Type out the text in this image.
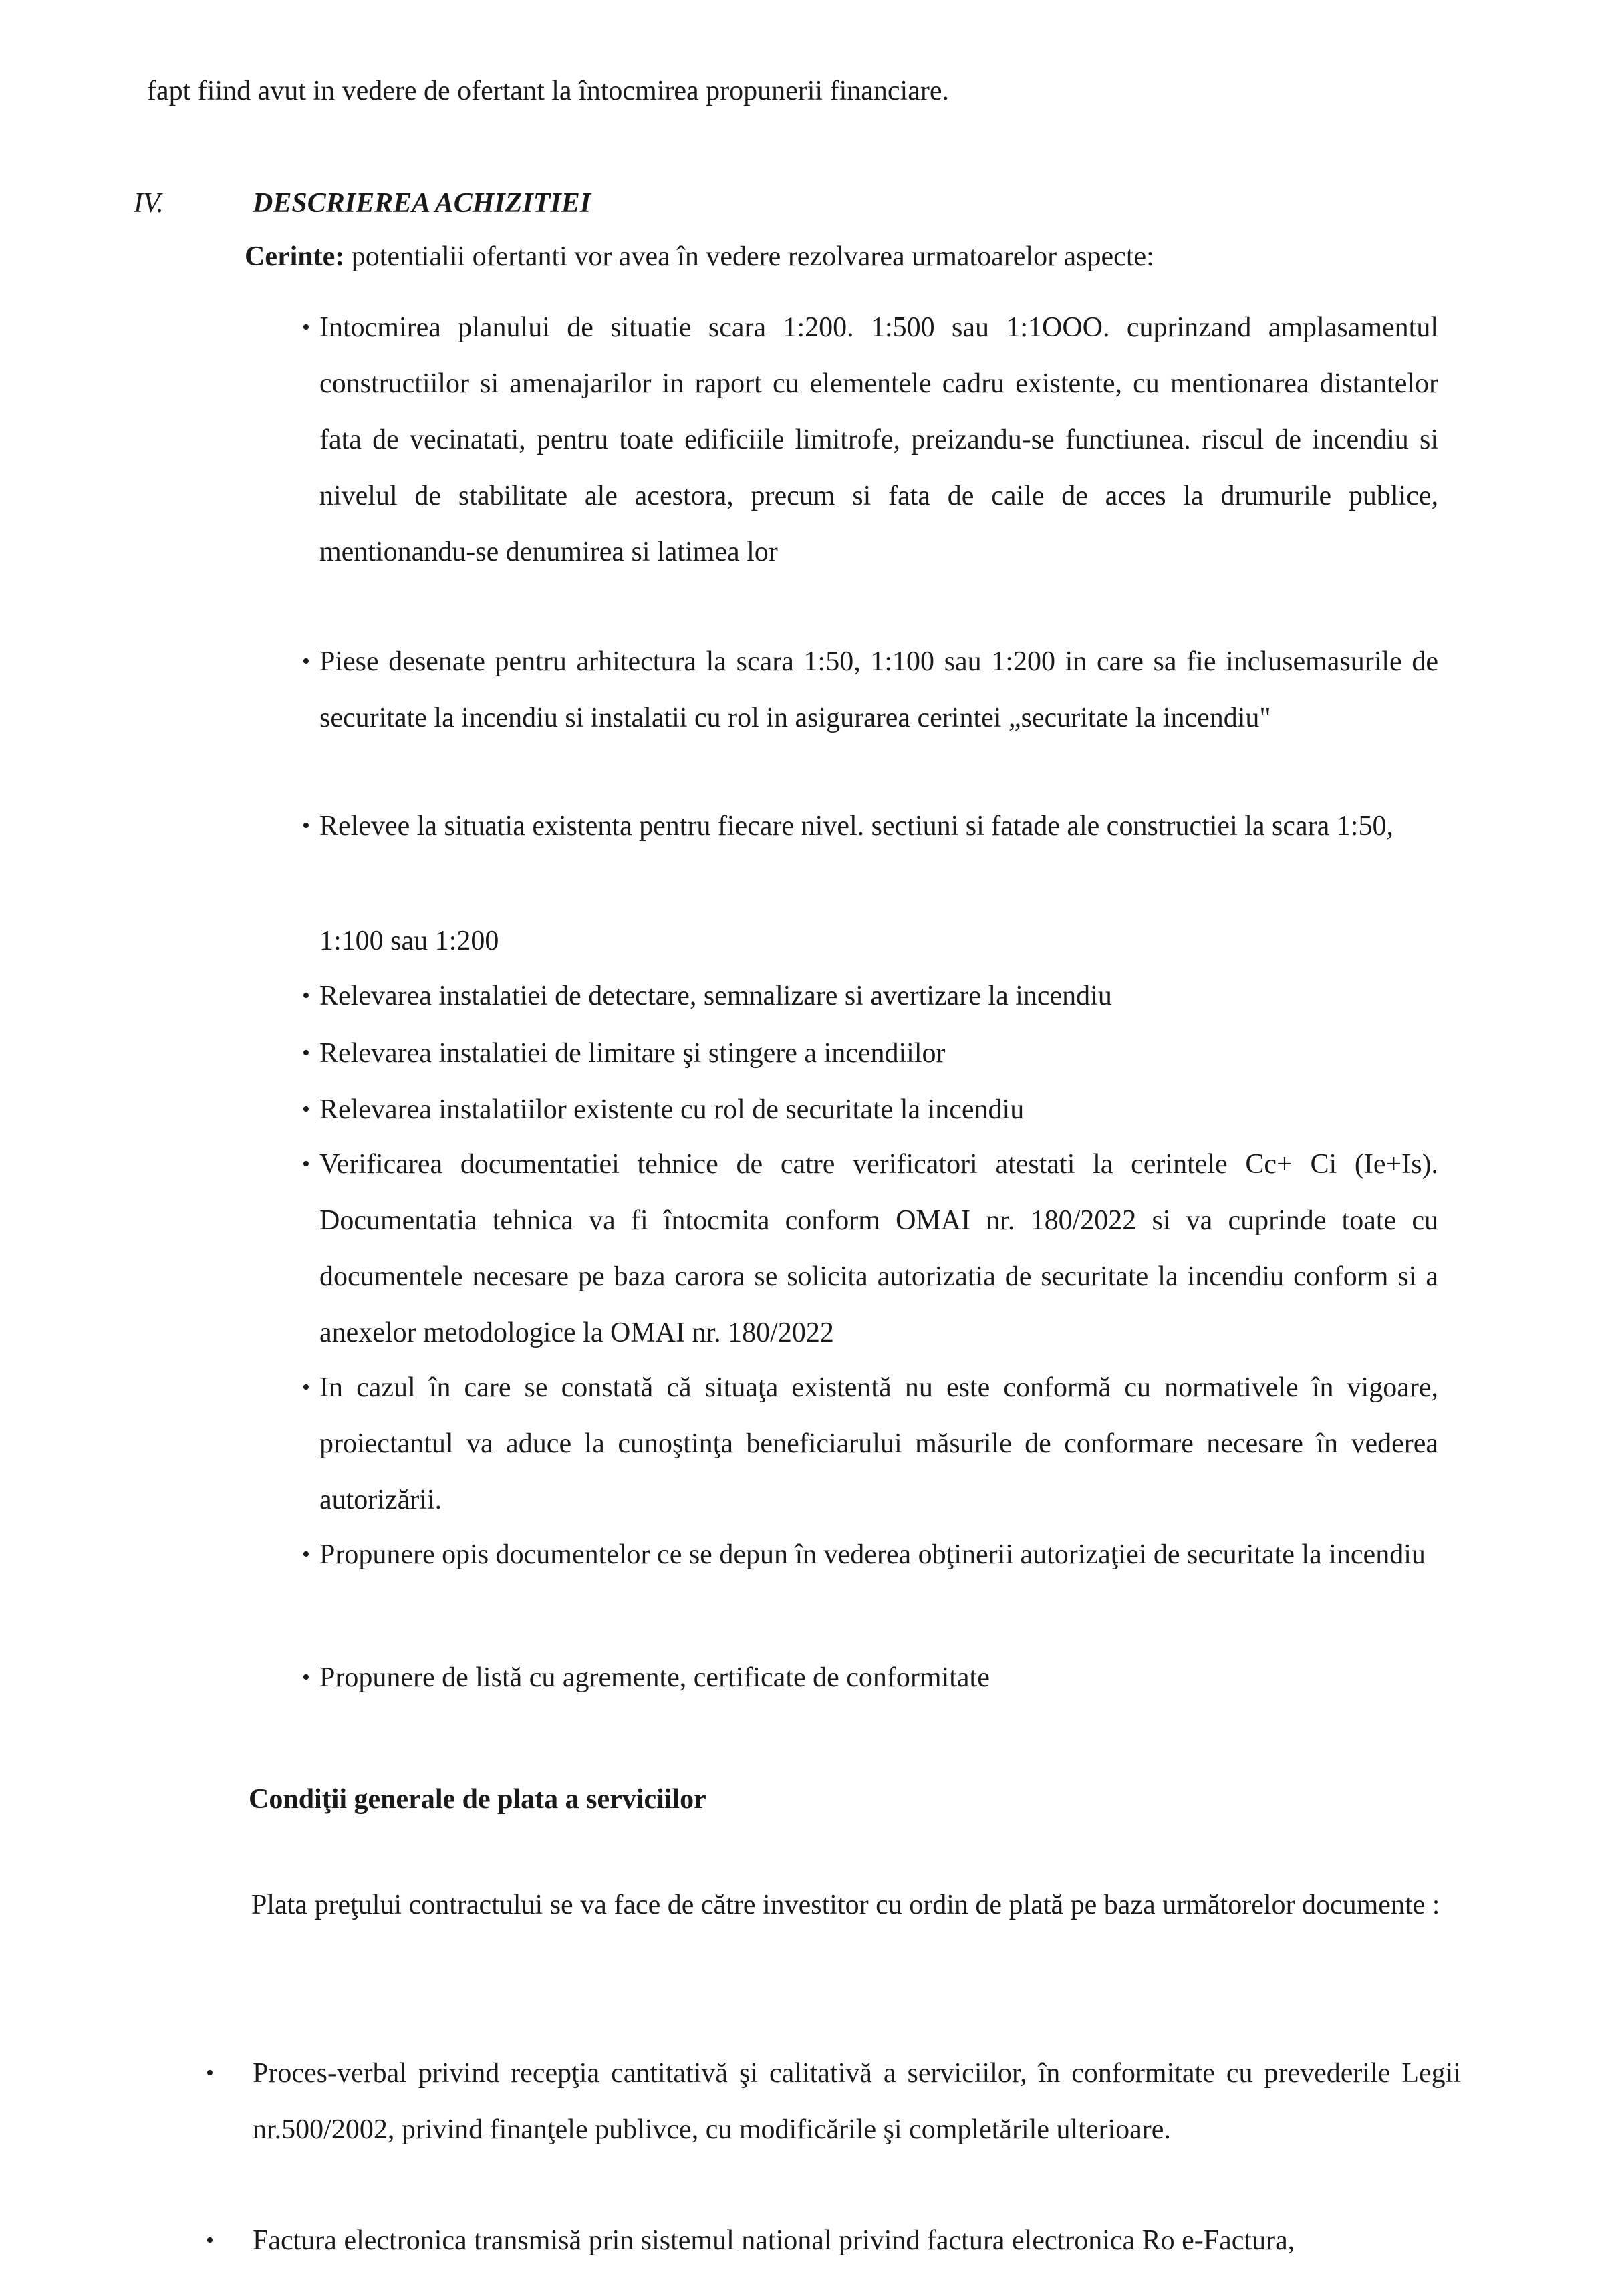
fapt fiind avut in vedere de ofertant la întocmirea propunerii financiare.
IV.	DESCRIEREA ACHIZITIEI
Cerinte: potentialii ofertanti vor avea în vedere rezolvarea urmatoarelor aspecte:
• Intocmirea planului de situatie scara 1:200. 1:500 sau 1:1OOO. cuprinzand amplasamentul constructiilor si amenajarilor in raport cu elementele cadru existente, cu mentionarea distantelor fata de vecinatati, pentru toate edificiile limitrofe, preizandu-se functiunea. riscul de incendiu si nivelul de stabilitate ale acestora, precum si fata de caile de acces la drumurile publice, mentionandu-se denumirea si latimea lor
• Piese desenate pentru arhitectura la scara 1:50, 1:100 sau 1:200 in care sa fie inclusemasurile de securitate la incendiu si instalatii cu rol in asigurarea cerintei „securitate la incendiu"
• Relevee la situatia existenta pentru fiecare nivel. sectiuni si fatade ale constructiei la scara 1:50,
1:100 sau 1:200
• Relevarea instalatiei de detectare, semnalizare si avertizare la incendiu
• Relevarea instalatiei de limitare şi stingere a incendiilor
• Relevarea instalatiilor existente cu rol de securitate la incendiu
• Verificarea documentatiei tehnice de catre verificatori atestati la cerintele Cc+ Ci (Ie+Is). Documentatia tehnica va fi întocmita conform OMAI nr. 180/2022 si va cuprinde toate cu documentele necesare pe baza carora se solicita autorizatia de securitate la incendiu conform si a anexelor metodologice la OMAI nr. 180/2022
• In cazul în care se constată că situaţa existentă nu este conformă cu normativele în vigoare, proiectantul va aduce la cunoştinţa beneficiarului măsurile de conformare necesare în vederea autorizării.
• Propunere opis documentelor ce se depun în vederea obţinerii autorizaţiei de securitate la incendiu
• Propunere de listă cu agremente, certificate de conformitate
Condiţii generale de plata a serviciilor
Plata preţului contractului se va face de către investitor cu ordin de plată pe baza următorelor documente :
• Proces-verbal privind recepţia cantitativă şi calitativă a serviciilor, în conformitate cu prevederile Legii nr.500/2002, privind finanţele publivce, cu modificările şi completările ulterioare.
• Factura electronica transmisă prin sistemul national privind factura electronica Ro e-Factura,
